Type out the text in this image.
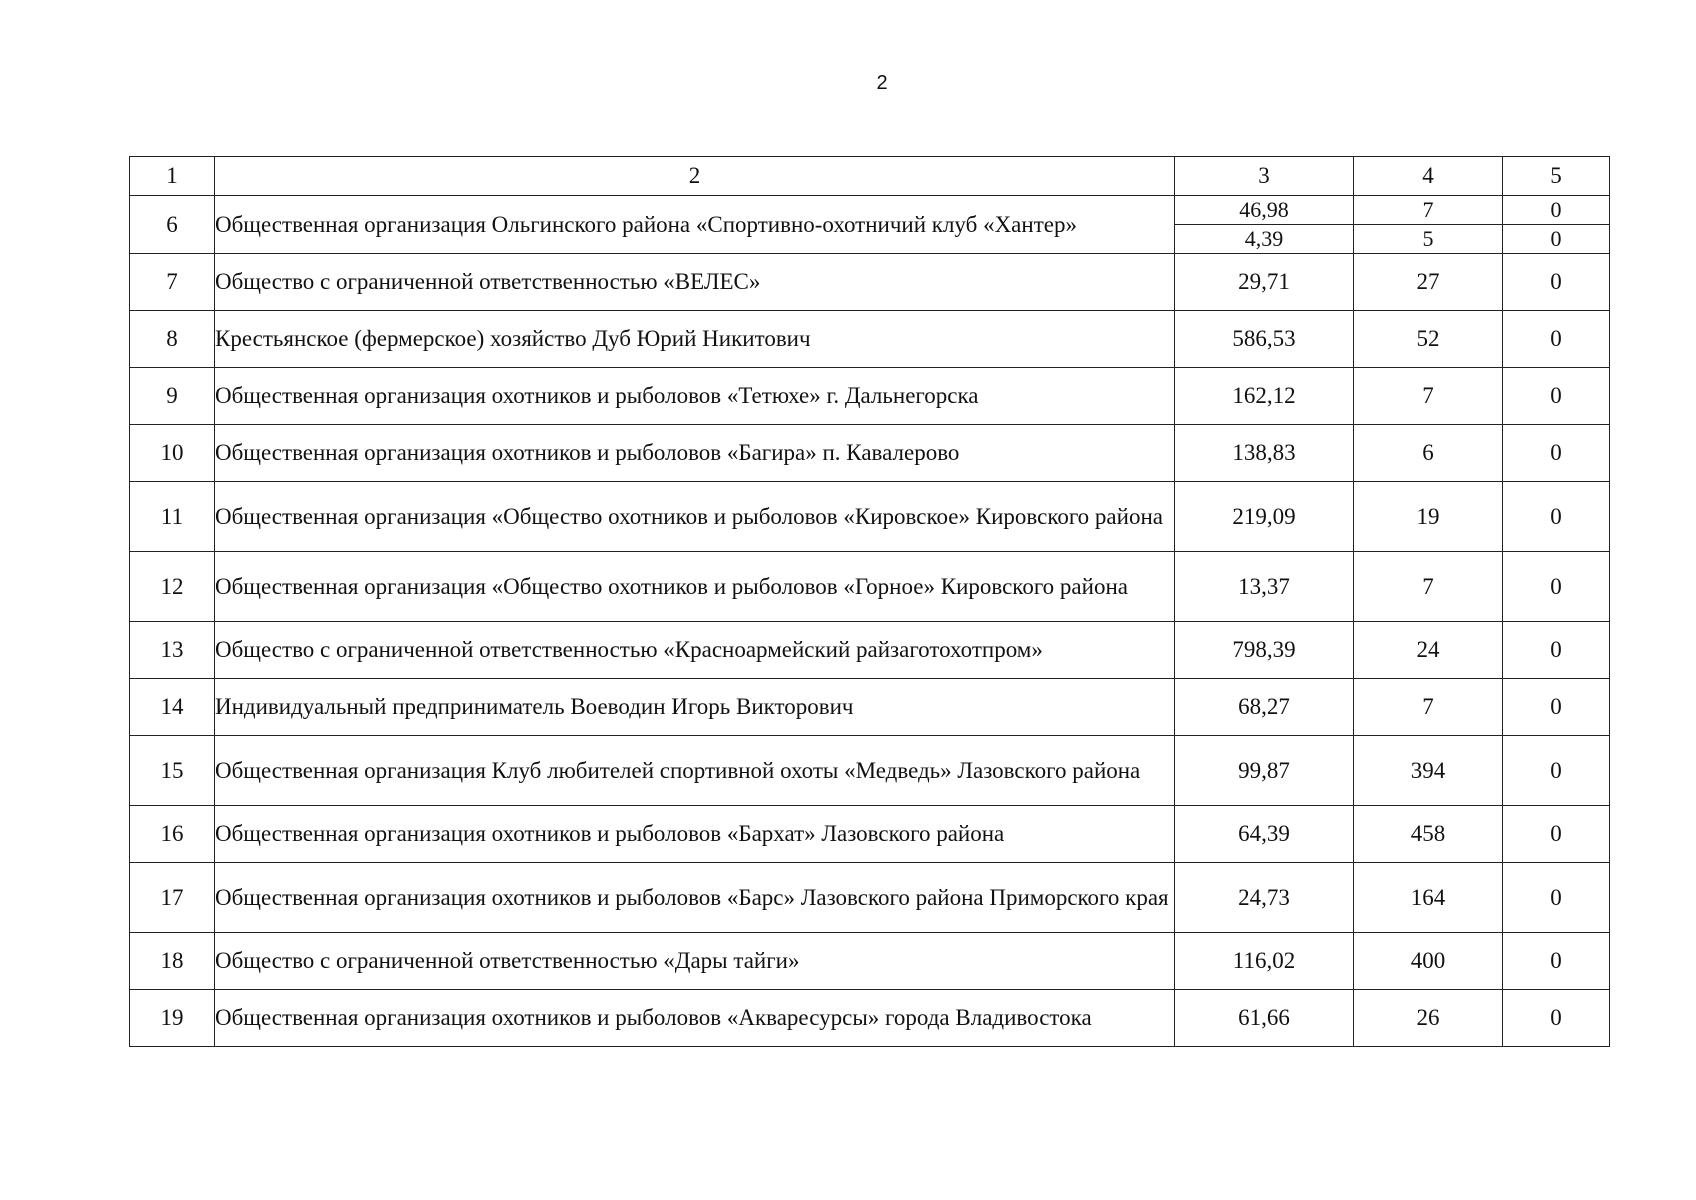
2
1	2	3	4	5
6	Общественная организация Ольгинского района «Спортивно-охотничий клуб «Хантер»	46,98	7	0
		4,39	5	0
7	Общество с ограниченной ответственностью «ВЕЛЕС»	29,71	27	0
8	Крестьянское (фермерское) хозяйство Дуб Юрий Никитович	586,53	52	0
9	Общественная организация охотников и рыболовов «Тетюхе» г. Дальнегорска	162,12	7	0
10	Общественная организация охотников и рыболовов «Багира» п. Кавалерово	138,83	6	0
11	Общественная организация «Общество охотников и рыболовов «Кировское» Кировского района	219,09	19	0
12	Общественная организация «Общество охотников и рыболовов «Горное» Кировского района	13,37	7	0
13	Общество с ограниченной ответственностью «Красноармейский райзаготохотпром»	798,39	24	0
14	Индивидуальный предприниматель Воеводин Игорь Викторович	68,27	7	0
15	Общественная организация Клуб любителей спортивной охоты «Медведь» Лазовского района	99,87	394	0
16	Общественная организация охотников и рыболовов «Бархат» Лазовского района	64,39	458	0
17	Общественная организация охотников и рыболовов «Барс» Лазовского района Приморского края	24,73	164	0
18	Общество с ограниченной ответственностью «Дары тайги»	116,02	400	0
19	Общественная организация охотников и рыболовов «Акваресурсы» города Владивостока	61,66	26	0
